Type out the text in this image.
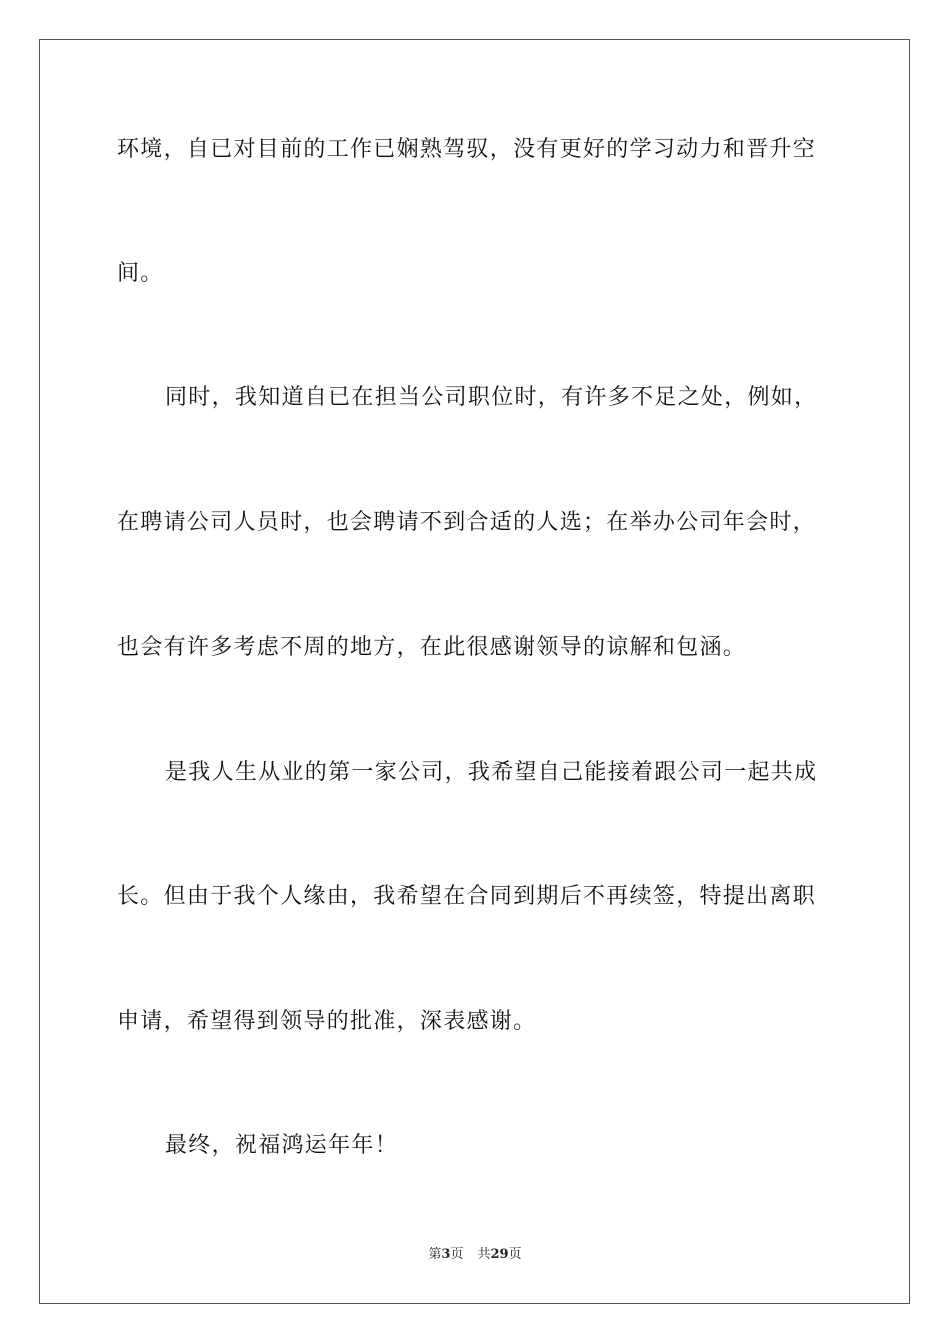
环境，自已对目前的工作已娴熟驾驭，没有更好的学习动力和晋升空
间。
同时，我知道自已在担当公司职位时，有许多不足之处，例如，
在聘请公司人员时，也会聘请不到合适的人选；在举办公司年会时，
也会有许多考虑不周的地方，在此很感谢领导的谅解和包涵。
是我人生从业的第一家公司，我希望自己能接着跟公司一起共成
长。但由于我个人缘由，我希望在合同到期后不再续签，特提出离职
申请，希望得到领导的批准，深表感谢。
最终，祝福鸿运年年！
第3页 共29页
